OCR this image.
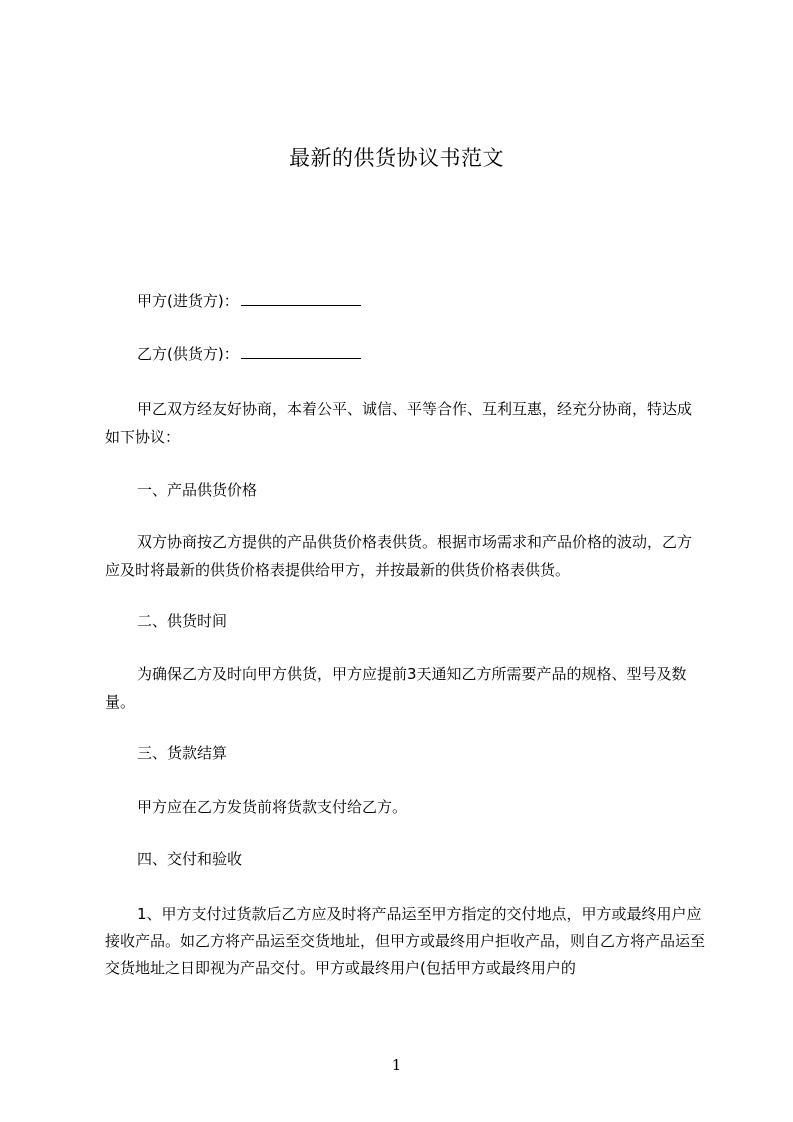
最新的供货协议书范文
甲方(进货方)：
乙方(供货方)：
甲乙双方经友好协商，本着公平、诚信、平等合作、互利互惠，经充分协商，特达成如下协议：
一、产品供货价格
双方协商按乙方提供的产品供货价格表供货。根据市场需求和产品价格的波动，乙方应及时将最新的供货价格表提供给甲方，并按最新的供货价格表供货。
二、供货时间
为确保乙方及时向甲方供货，甲方应提前3天通知乙方所需要产品的规格、型号及数量。
三、货款结算
甲方应在乙方发货前将货款支付给乙方。
四、交付和验收
1、甲方支付过货款后乙方应及时将产品运至甲方指定的交付地点，甲方或最终用户应接收产品。如乙方将产品运至交货地址，但甲方或最终用户拒收产品，则自乙方将产品运至交货地址之日即视为产品交付。甲方或最终用户(包括甲方或最终用户的
1
